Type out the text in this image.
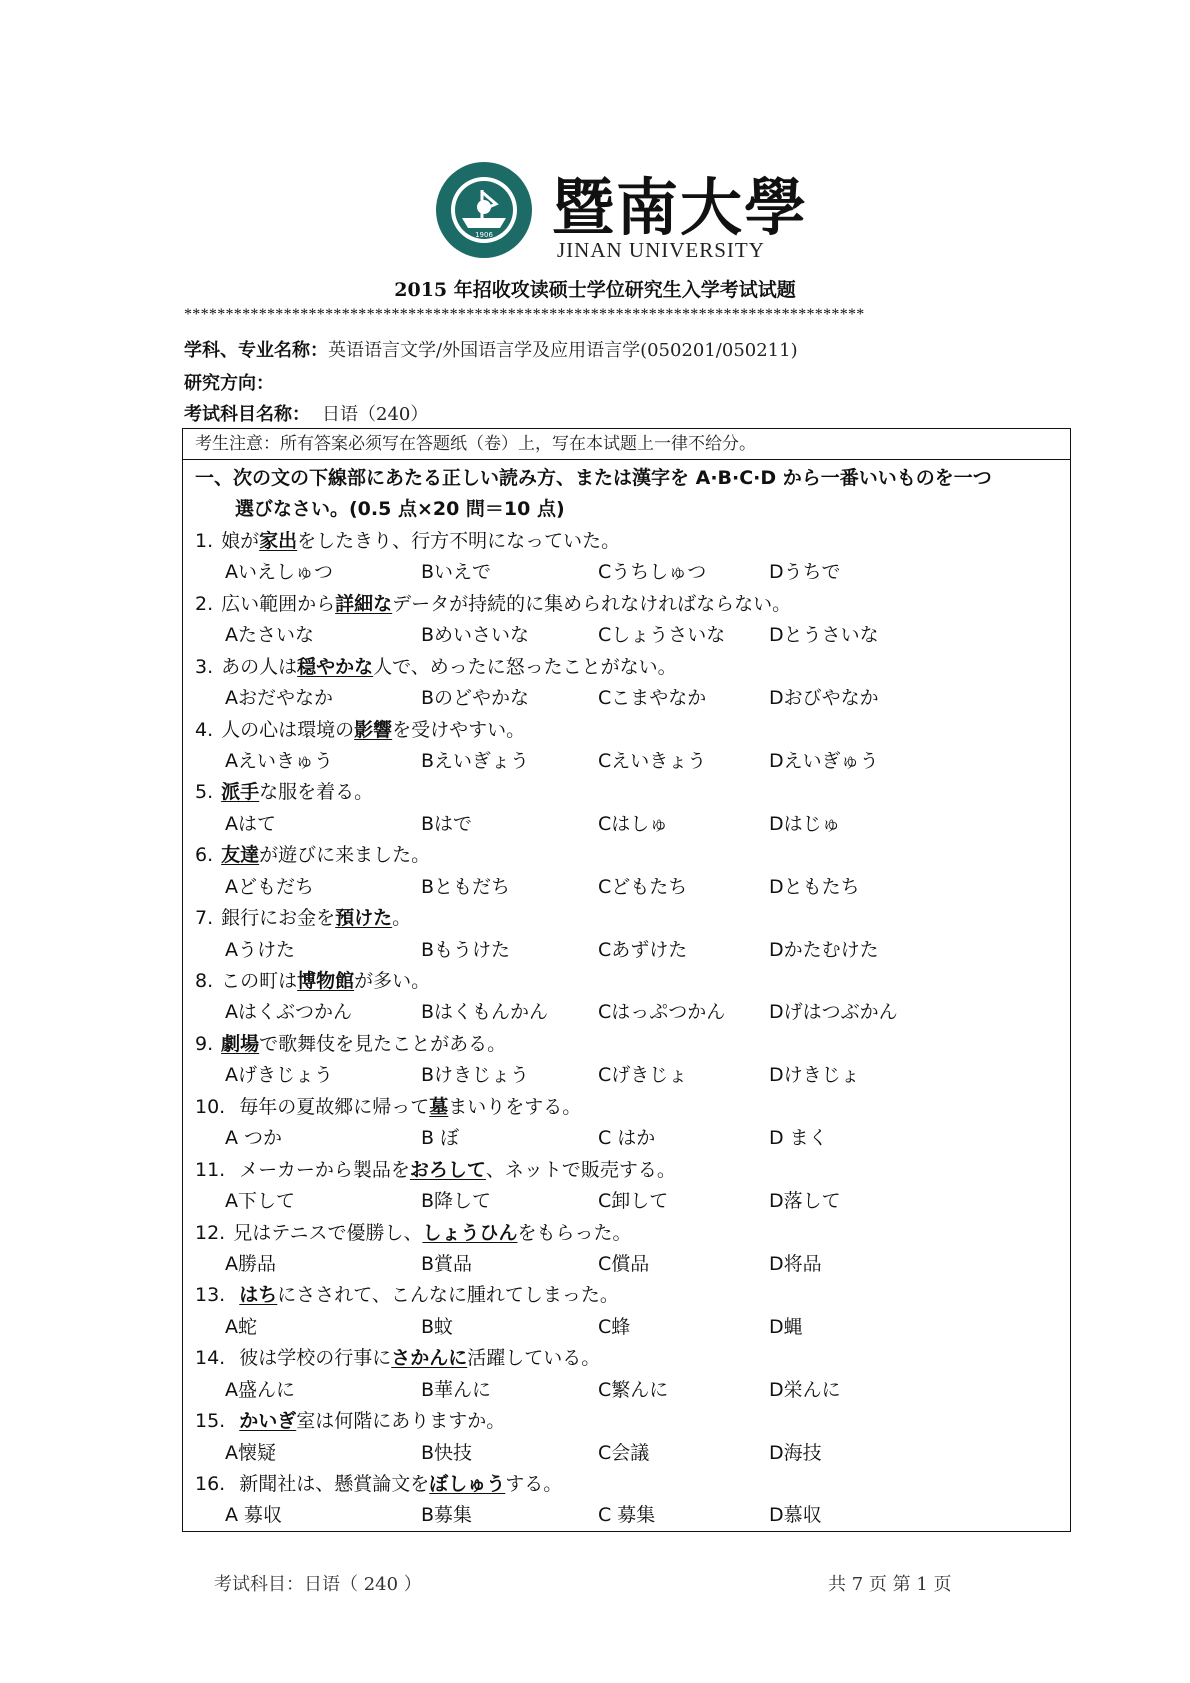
1906 暨南大學
JINAN UNIVERSITY
2015 年招收攻读硕士学位研究生入学考试试题
**********************************************************************************
学科、专业名称：英语语言文学/外国语言学及应用语言学(050201/050211)
研究方向：
考试科目名称： 日语（240）
考生注意：所有答案必须写在答题纸（卷）上，写在本试题上一律不给分。
一、次の文の下線部にあたる正しい読み方、または漢字を A·B·C·D から一番いいものを一つ
選びなさい。(0.5 点×20 問＝10 点)
1. 娘が家出をしたきり、行方不明になっていた。
Aいえしゅつ	Bいえで	Cうちしゅつ	Dうちで
2. 広い範囲から詳細なデータが持続的に集められなければならない。
Aたさいな	Bめいさいな	Cしょうさいな Dとうさいな
3. あの人は穏やかな人で、めったに怒ったことがない。
Aおだやなか	Bのどやかな	Cこまやなか	Dおびやなか
4. 人の心は環境の影響を受けやすい。
Aえいきゅう	Bえいぎょう	Cえいきょう	Dえいぎゅう
5. 派手な服を着る。
Aはて	Bはで	Cはしゅ	Dはじゅ
6. 友達が遊びに来ました。
Aどもだち	Bともだち	Cどもたち	Dともたち
7. 銀行にお金を預けた。
Aうけた	Bもうけた	Cあずけた	Dかたむけた
8. この町は博物館が多い。
Aはくぶつかん	Bはくもんかん	Cはっぷつかん Dげはつぶかん
9. 劇場で歌舞伎を見たことがある。
Aげきじょう	Bけきじょう	Cげきじょ	Dけきじょ
10. 毎年の夏故郷に帰って墓まいりをする。
A つか	B ぼ	C はか	D まく
11. メーカーから製品をおろして、ネットで販売する。
A下して	B降して	C卸して	D落して
12. 兄はテニスで優勝し、しょうひんをもらった。
A勝品	B賞品	C償品	D将品
13. はちにさされて、こんなに腫れてしまった。
A蛇	B蚊	C蜂	D蝿
14. 彼は学校の行事にさかんに活躍している。
A盛んに	B華んに	C繁んに	D栄んに
15. かいぎ室は何階にありますか。
A懐疑	B快技	C会議	D海技
16. 新聞社は、懸賞論文をぼしゅうする。
A 募収	B募集	C 募集	D慕収
考试科目：日语（ 240 ）	共 7 页 第 1 页
